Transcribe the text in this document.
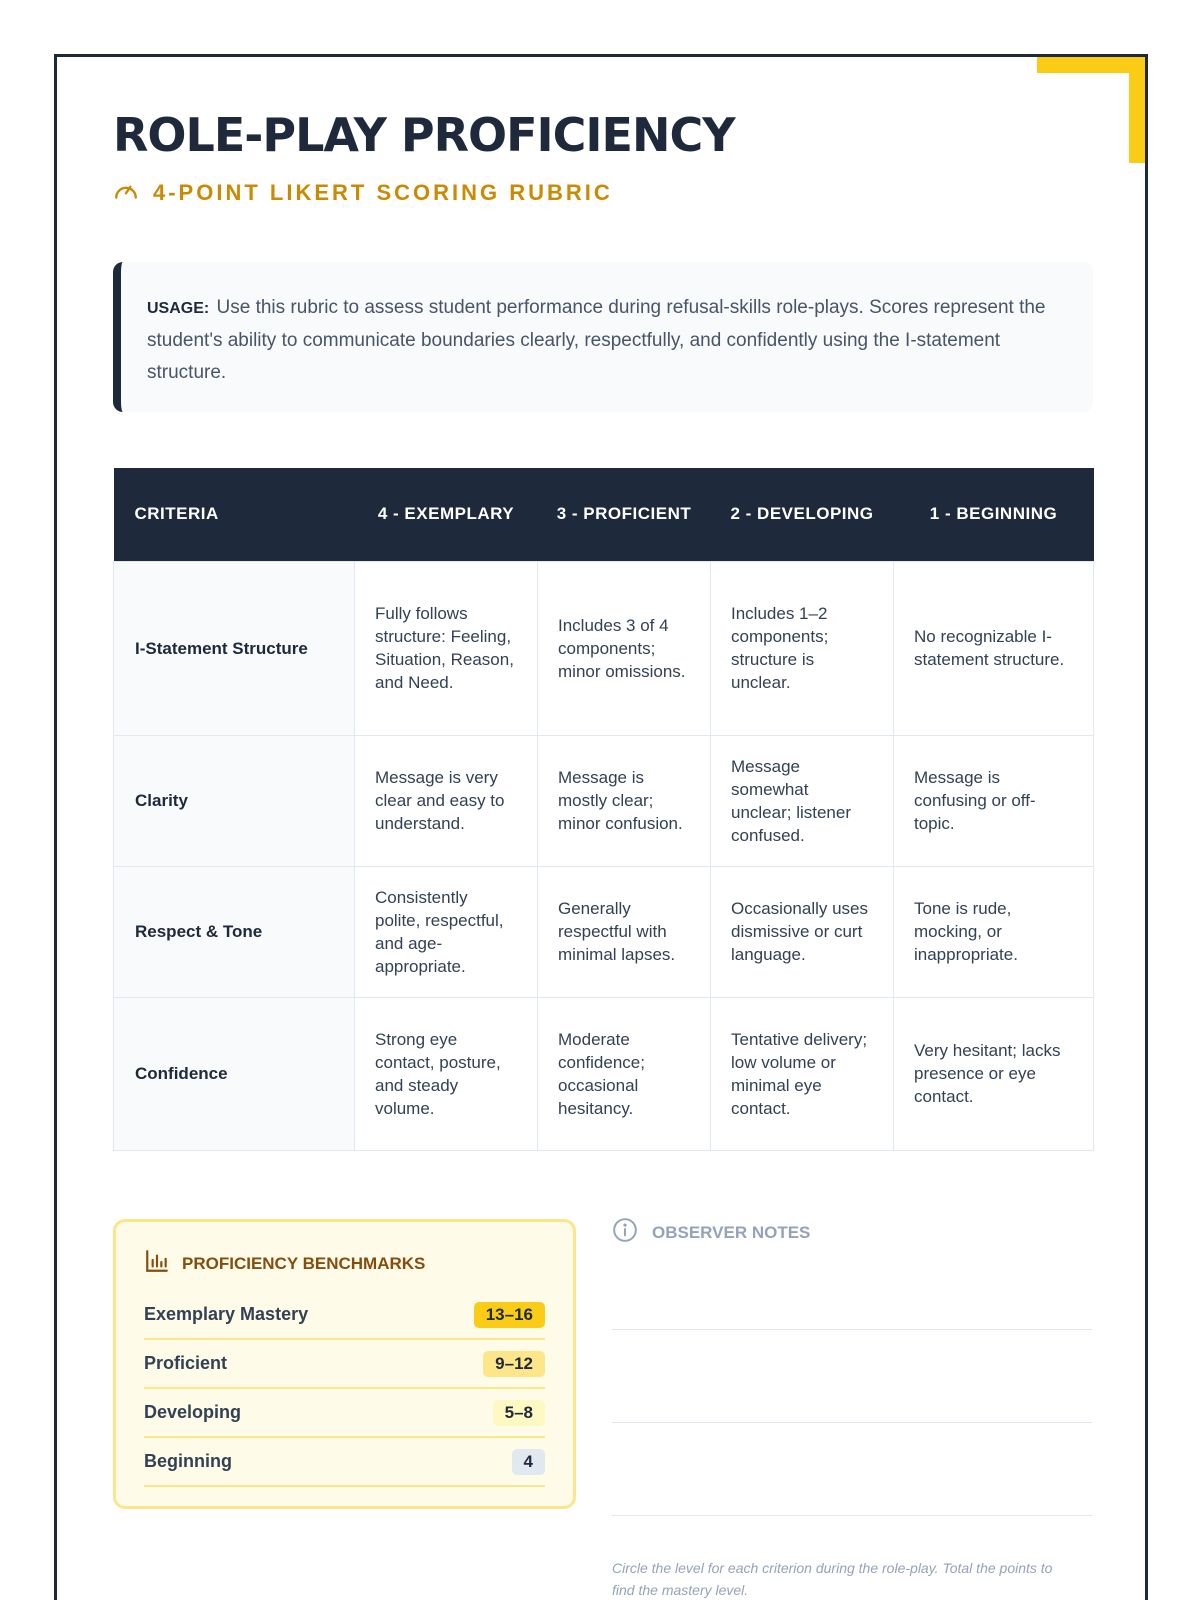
ROLE-PLAY PROFICIENCY
4-POINT LIKERT SCORING RUBRIC
USAGE: Use this rubric to assess student performance during refusal-skills role-plays. Scores represent the student's ability to communicate boundaries clearly, respectfully, and confidently using the I-statement structure.
CRITERIA	4 - EXEMPLARY	3 - PROFICIENT	2 - DEVELOPING	1 - BEGINNING
I-Statement Structure	Fully follows structure: Feeling, Situation, Reason, and Need.	Includes 3 of 4 components; minor omissions.	Includes 1–2 components; structure is unclear.	No recognizable I-statement structure.
Clarity	Message is very clear and easy to understand.	Message is mostly clear; minor confusion.	Message somewhat unclear; listener confused.	Message is confusing or off-topic.
Respect & Tone	Consistently polite, respectful, and age-appropriate.	Generally respectful with minimal lapses.	Occasionally uses dismissive or curt language.	Tone is rude, mocking, or inappropriate.
Confidence	Strong eye contact, posture, and steady volume.	Moderate confidence; occasional hesitancy.	Tentative delivery; low volume or minimal eye contact.	Very hesitant; lacks presence or eye contact.
PROFICIENCY BENCHMARKS
Exemplary Mastery	13–16
Proficient	9–12
Developing	5–8
Beginning	4
OBSERVER NOTES
Circle the level for each criterion during the role-play. Total the points to find the mastery level.
